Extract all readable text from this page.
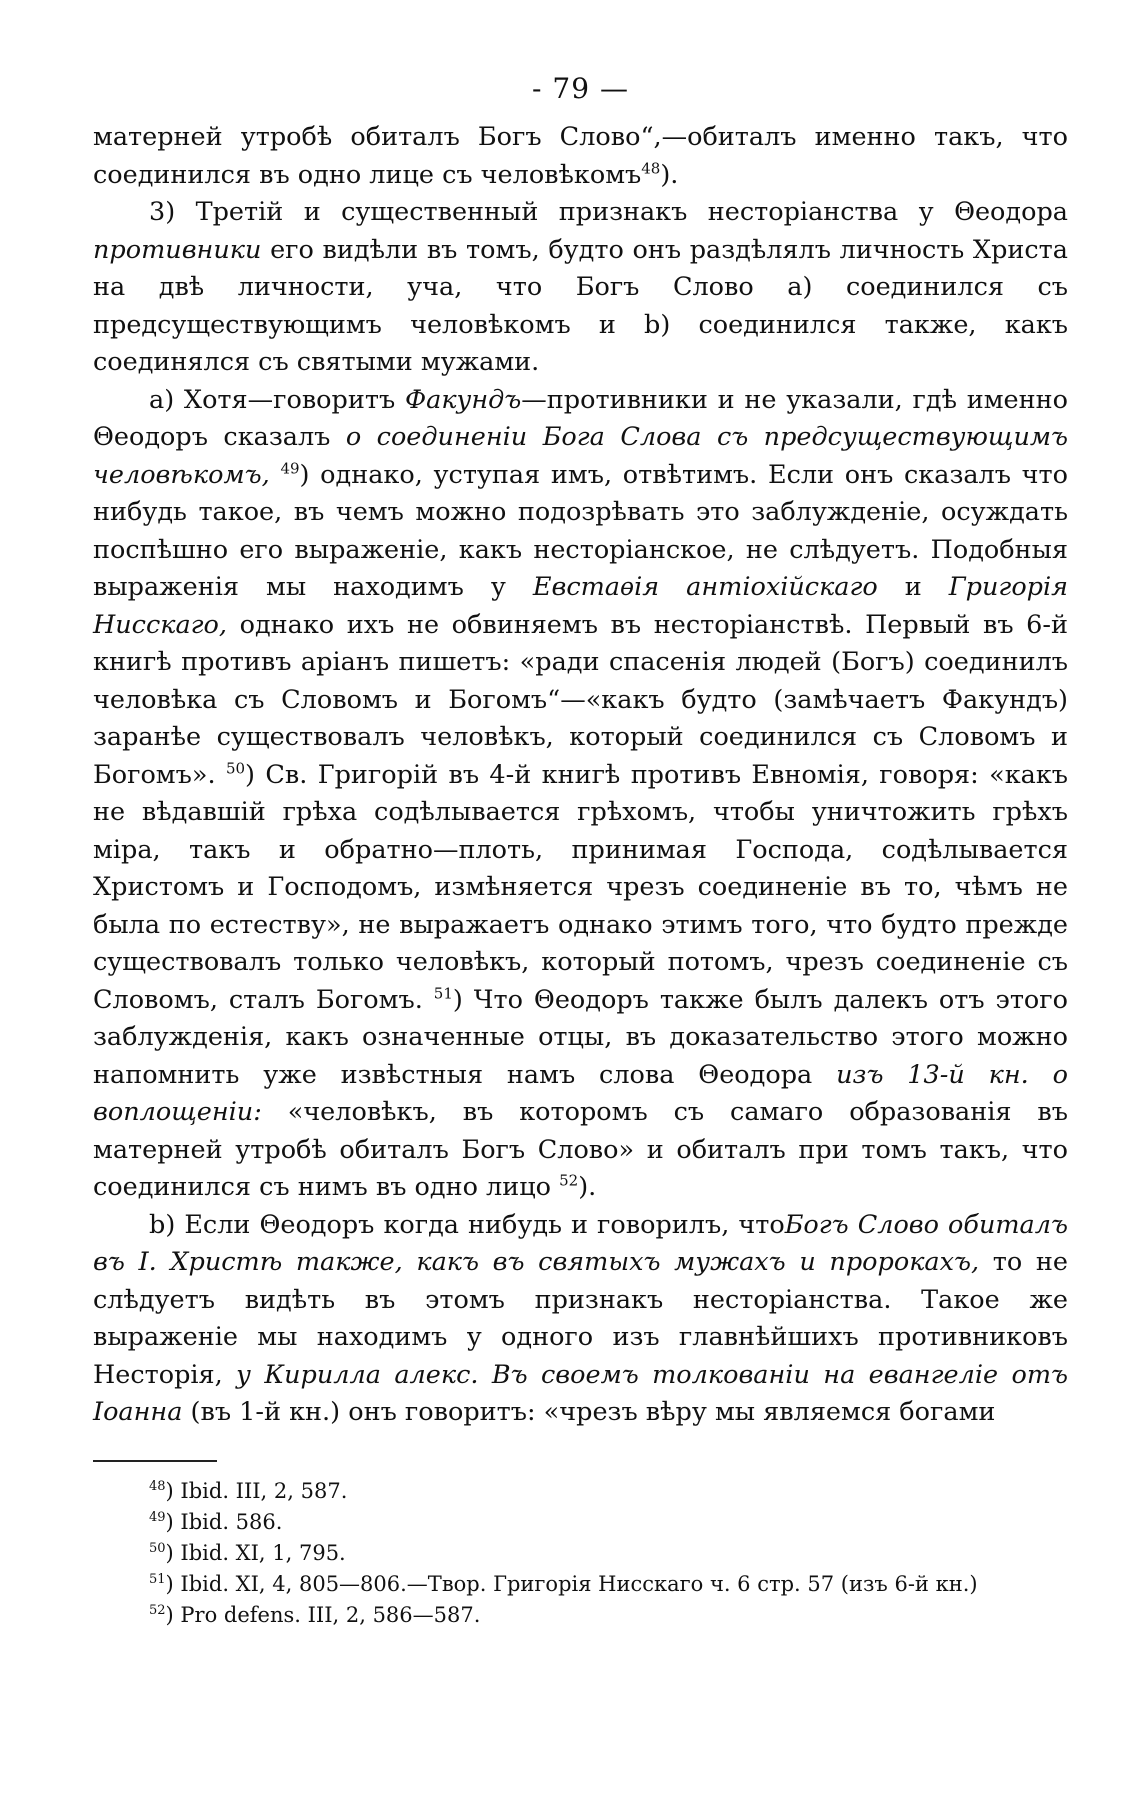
- 79 —

матерней утробѣ обиталъ Богъ Слово“,—обиталъ именно такъ, что соединился въ одно лице съ человѣкомъ$^{48}$).

3) Третій и существенный признакъ несторіанства у Θеодора противники его видѣли въ томъ, будто онъ раздѣлялъ личность Христа на двѣ личности, уча, что Богъ Слово а) соединился съ предсуществующимъ человѣкомъ и b) соединился также, какъ соединялся съ святыми мужами.

а) Хотя—говоритъ Факундъ—противники и не указали, гдѣ именно Θеодоръ сказалъ о соединеніи Бога Слова съ предсуществующимъ человѣкомъ, $^{49}$) однако, уступая имъ, отвѣтимъ. Если онъ сказалъ что нибудь такое, въ чемъ можно подозрѣвать это заблужденіе, осуждать поспѣшно его выраженіе, какъ несторіанское, не слѣдуетъ. Подобныя выраженія мы находимъ у Евстаѳія антіохійскаго и Григорія Нисскаго, однако ихъ не обвиняемъ въ несторіанствѣ. Первый въ 6-й книгѣ противъ аріанъ пишетъ: «ради спасенія людей (Богъ) соединилъ человѣка съ Словомъ и Богомъ“—«какъ будто (замѣчаетъ Факундъ) заранѣе существовалъ человѣкъ, который соединился съ Словомъ и Богомъ». $^{50}$) Св. Григорій въ 4-й книгѣ противъ Евномія, говоря: «какъ не вѣдавшій грѣха содѣлывается грѣхомъ, чтобы уничтожить грѣхъ міра, такъ и обратно—плоть, принимая Господа, содѣлывается Христомъ и Господомъ, измѣняется чрезъ соединеніе въ то, чѣмъ не была по естеству», не выражаетъ однако этимъ того, что будто прежде существовалъ только человѣкъ, который потомъ, чрезъ соединеніе съ Словомъ, сталъ Богомъ. $^{51}$) Что Θеодоръ также былъ далекъ отъ этого заблужденія, какъ означенные отцы, въ доказательство этого можно напомнить уже извѣстныя намъ слова Θеодора изъ 13-й кн. о воплощеніи: «человѣкъ, въ которомъ съ самаго образованія въ матерней утробѣ обиталъ Богъ Слово» и обиталъ при томъ такъ, что соединился съ нимъ въ одно лицо $^{52}$).

b) Если Θеодоръ когда нибудь и говорилъ, чтоБогъ Слово обиталъ въ І. Христѣ также, какъ въ святыхъ мужахъ и пророкахъ, то не слѣдуетъ видѣть въ этомъ признакъ несторіанства. Такое же выраженіе мы находимъ у одного изъ главнѣйшихъ противниковъ Несторія, у Кирилла алекс. Въ своемъ толкованіи на евангеліе отъ Іоанна (въ 1-й кн.) онъ говоритъ: «чрезъ вѣру мы являемся богами

$^{48}$) Ibid. III, 2, 587.
$^{49}$) Ibid. 586.
$^{50}$) Ibid. XI, 1, 795.
$^{51}$) Ibid. XI, 4, 805—806.—Твор. Григорія Нисскаго ч. 6 стр. 57 (изъ 6-й кн.)
$^{52}$) Pro defens. III, 2, 586—587.
